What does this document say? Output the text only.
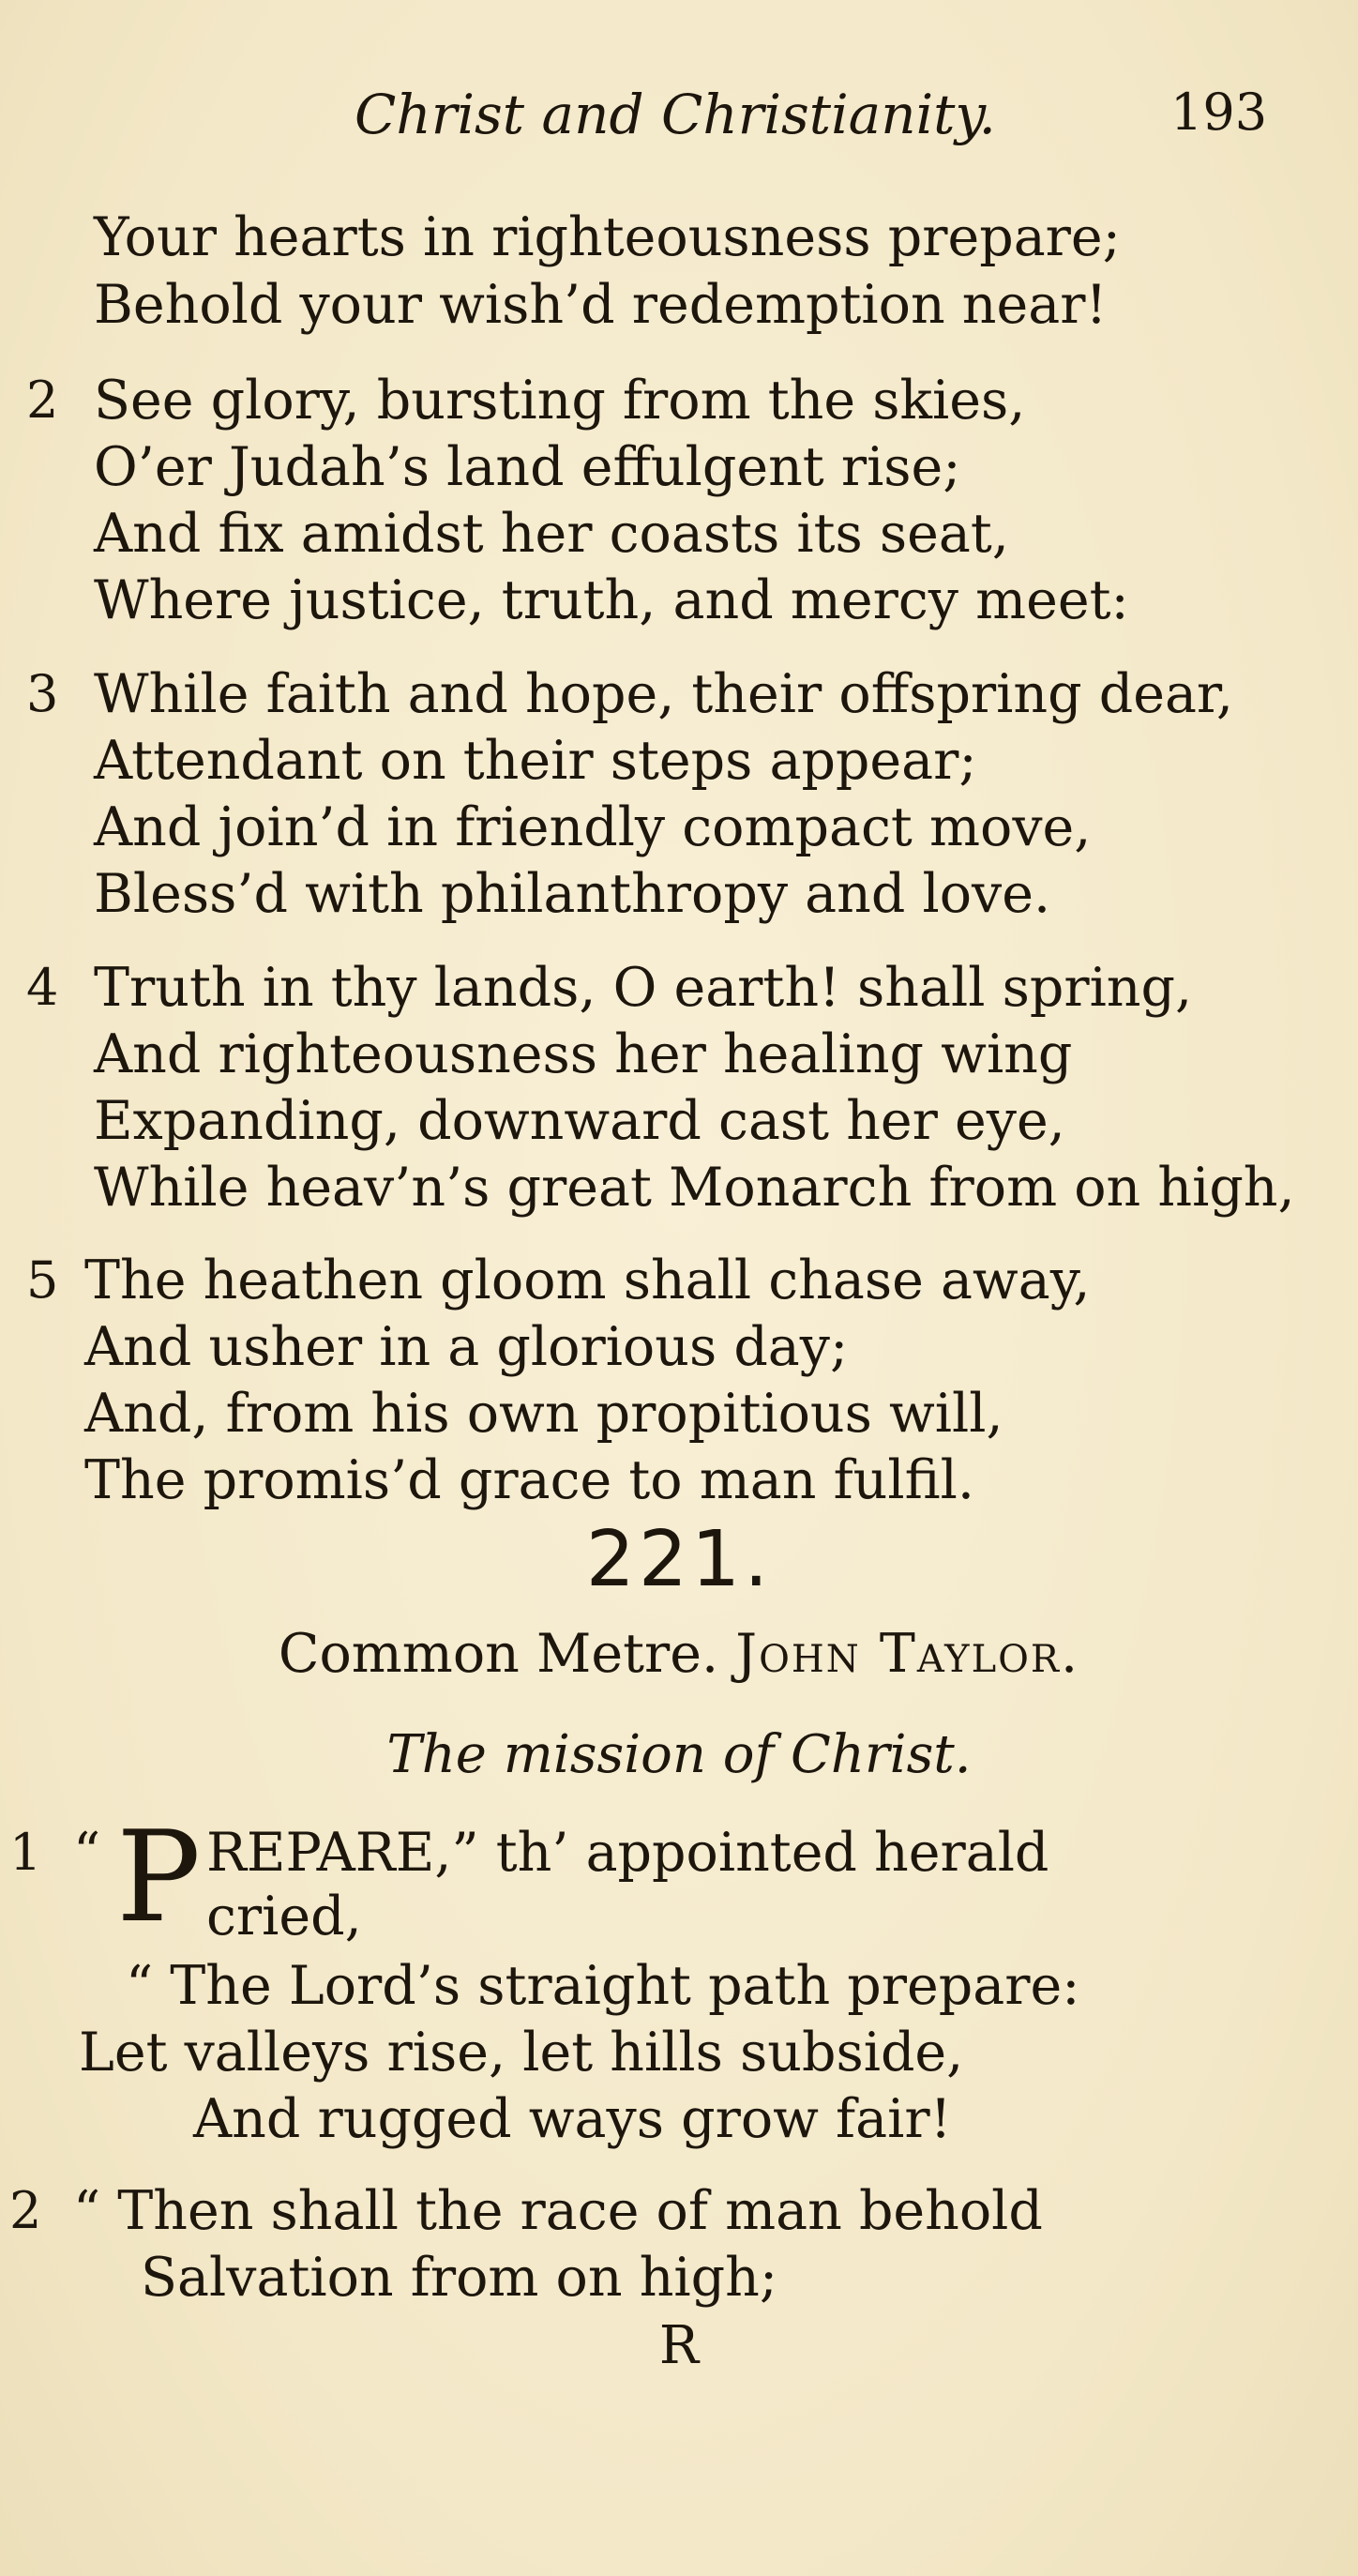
Christ and Christianity.	193
Your hearts in righteousness prepare;
Behold your wish’d redemption near!
2 See glory, bursting from the skies,
O’er Judah’s land effulgent rise;
And fix amidst her coasts its seat,
Where justice, truth, and mercy meet:
3 While faith and hope, their offspring dear,
Attendant on their steps appear;
And join’d in friendly compact move,
Bless’d with philanthropy and love.
4 Truth in thy lands, O earth! shall spring,
And righteousness her healing wing
Expanding, downward cast her eye,
While heav’n’s great Monarch from on high,
5 The heathen gloom shall chase away,
And usher in a glorious day;
And, from his own propitious will,
The promis’d grace to man fulfil.
221.
Common Metre. John Taylor.
The mission of Christ.
1 “ P REPARE,” th’ appointed herald
cried,
“ The Lord’s straight path prepare:
Let valleys rise, let hills subside,
And rugged ways grow fair!
2 “ Then shall the race of man behold
Salvation from on high;
R
